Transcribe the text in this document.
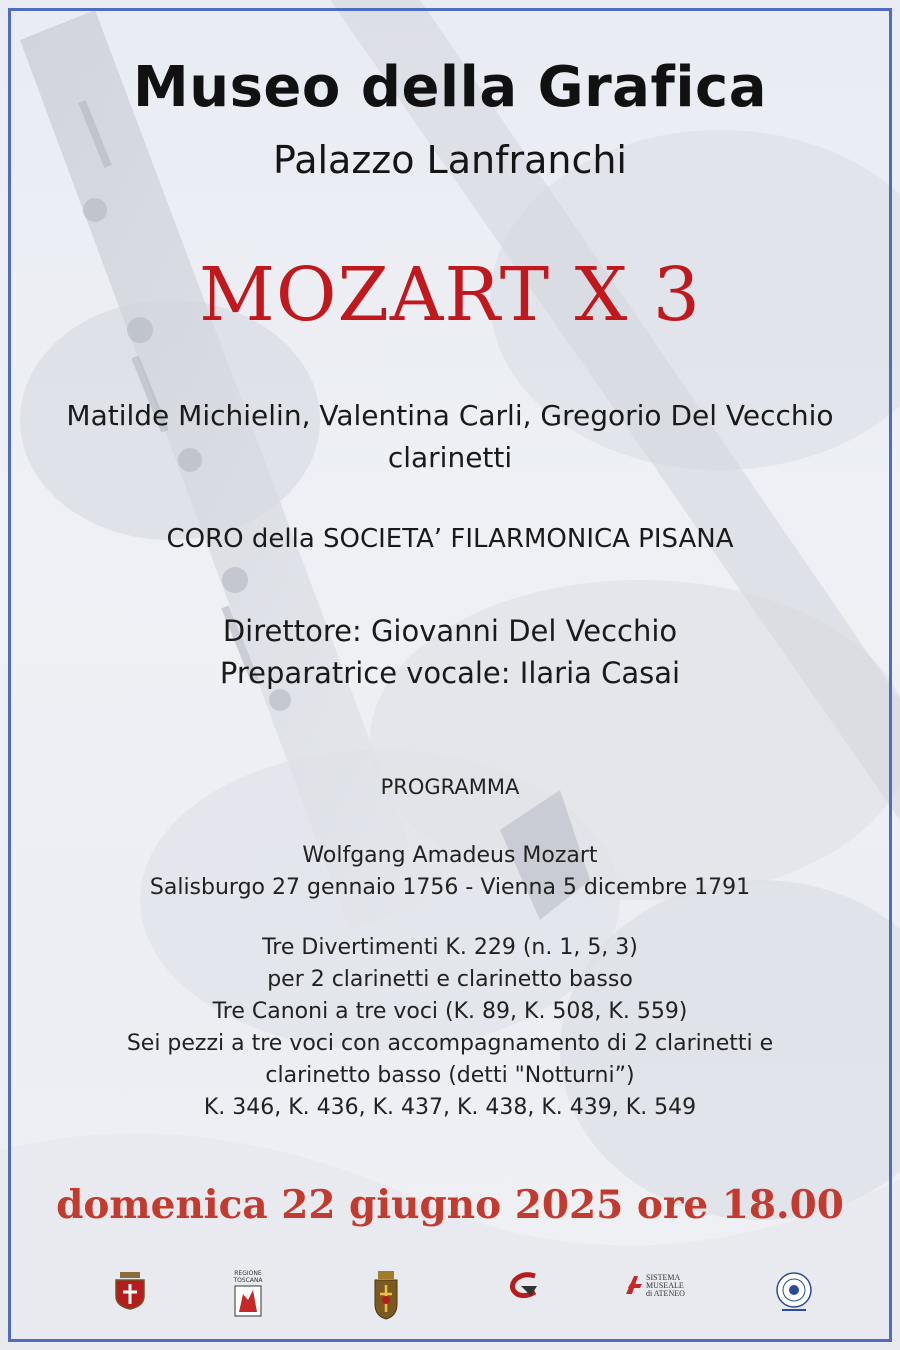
Museo della Grafica
Palazzo Lanfranchi
MOZART X 3
Matilde Michielin, Valentina Carli, Gregorio Del Vecchio
clarinetti
CORO della SOCIETA’ FILARMONICA PISANA
Direttore: Giovanni Del Vecchio
Preparatrice vocale: Ilaria Casai
PROGRAMMA
Wolfgang Amadeus Mozart
Salisburgo 27 gennaio 1756 - Vienna 5 dicembre 1791
Tre Divertimenti K. 229 (n. 1, 5, 3)
per 2 clarinetti e clarinetto basso
Tre Canoni a tre voci (K. 89, K. 508, K. 559)
Sei pezzi a tre voci con accompagnamento di 2 clarinetti e
clarinetto basso (detti "Notturni”)
K. 346, K. 436, K. 437, K. 438, K. 439, K. 549
domenica 22 giugno 2025 ore 18.00
REGIONE
TOSCANA	SISTEMA
MUSEALE
di ATENEO
